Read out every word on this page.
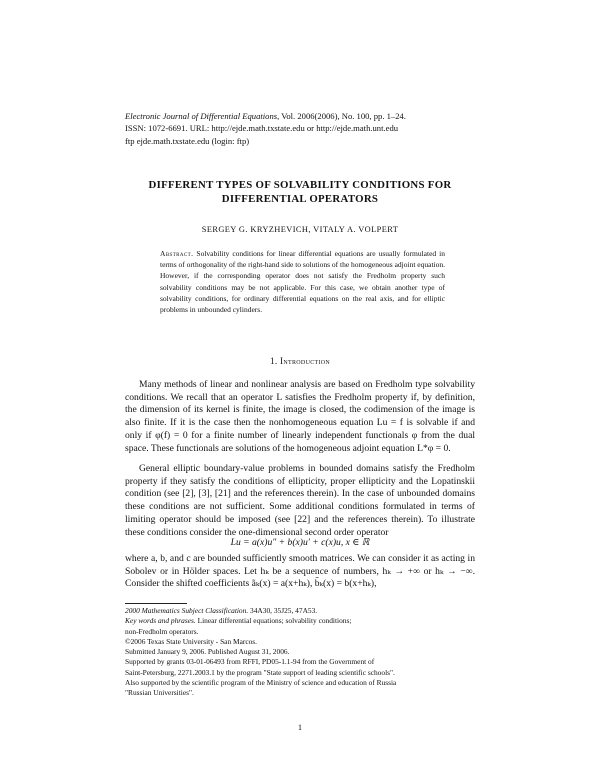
Electronic Journal of Differential Equations, Vol. 2006(2006), No. 100, pp. 1–24.
ISSN: 1072-6691. URL: http://ejde.math.txstate.edu or http://ejde.math.unt.edu
ftp ejde.math.txstate.edu (login: ftp)
DIFFERENT TYPES OF SOLVABILITY CONDITIONS FOR
DIFFERENTIAL OPERATORS
SERGEY G. KRYZHEVICH, VITALY A. VOLPERT
Abstract. Solvability conditions for linear differential equations are usually formulated in terms of orthogonality of the right-hand side to solutions of the homogeneous adjoint equation. However, if the corresponding operator does not satisfy the Fredholm property such solvability conditions may be not applicable. For this case, we obtain another type of solvability conditions, for ordinary differential equations on the real axis, and for elliptic problems in unbounded cylinders.
1. Introduction
Many methods of linear and nonlinear analysis are based on Fredholm type solvability conditions. We recall that an operator L satisfies the Fredholm property if, by definition, the dimension of its kernel is finite, the image is closed, the codimension of the image is also finite. If it is the case then the nonhomogeneous equation Lu = f is solvable if and only if φ(f) = 0 for a finite number of linearly independent functionals φ from the dual space. These functionals are solutions of the homogeneous adjoint equation L*φ = 0.
General elliptic boundary-value problems in bounded domains satisfy the Fredholm property if they satisfy the conditions of ellipticity, proper ellipticity and the Lopatinskii condition (see [2], [3], [21] and the references therein). In the case of unbounded domains these conditions are not sufficient. Some additional conditions formulated in terms of limiting operator should be imposed (see [22] and the references therein). To illustrate these conditions consider the one-dimensional second order operator
Lu = a(x)u″ + b(x)u′ + c(x)u, x ∈ ℝ
where a, b, and c are bounded sufficiently smooth matrices. We can consider it as acting in Sobolev or in Hölder spaces. Let hₖ be a sequence of numbers, hₖ → +∞ or hₖ → −∞. Consider the shifted coefficients ãₖ(x) = a(x+hₖ), b̃ₖ(x) = b(x+hₖ),
2000 Mathematics Subject Classification. 34A30, 35J25, 47A53.
Key words and phrases. Linear differential equations; solvability conditions;
non-Fredholm operators.
©2006 Texas State University - San Marcos.
Submitted January 9, 2006. Published August 31, 2006.
Supported by grants 03-01-06493 from RFFI, PD05-1.1-94 from the Government of
Saint-Petersburg, 2271.2003.1 by the program "State support of leading scientific schools".
Also supported by the scientific program of the Ministry of science and education of Russia
"Russian Universities".
1
